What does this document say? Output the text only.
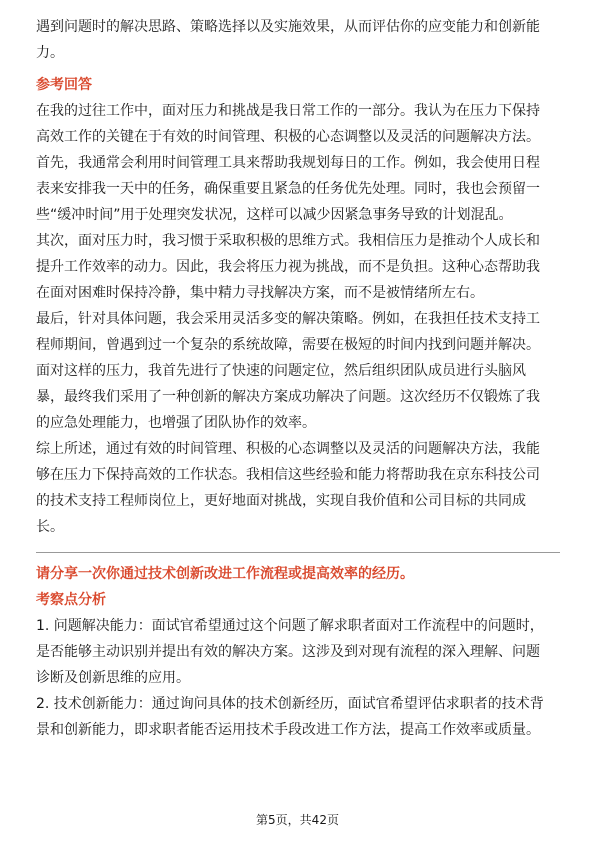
遇到问题时的解决思路、策略选择以及实施效果，从而评估你的应变能力和创新能
力。

参考回答

在我的过往工作中，面对压力和挑战是我日常工作的一部分。我认为在压力下保持
高效工作的关键在于有效的时间管理、积极的心态调整以及灵活的问题解决方法。

首先，我通常会利用时间管理工具来帮助我规划每日的工作。例如，我会使用日程
表来安排我一天中的任务，确保重要且紧急的任务优先处理。同时，我也会预留一
些“缓冲时间”用于处理突发状况，这样可以减少因紧急事务导致的计划混乱。

其次，面对压力时，我习惯于采取积极的思维方式。我相信压力是推动个人成长和
提升工作效率的动力。因此，我会将压力视为挑战，而不是负担。这种心态帮助我
在面对困难时保持冷静，集中精力寻找解决方案，而不是被情绪所左右。

最后，针对具体问题，我会采用灵活多变的解决策略。例如，在我担任技术支持工
程师期间，曾遇到过一个复杂的系统故障，需要在极短的时间内找到问题并解决。
面对这样的压力，我首先进行了快速的问题定位，然后组织团队成员进行头脑风
暴，最终我们采用了一种创新的解决方案成功解决了问题。这次经历不仅锻炼了我
的应急处理能力，也增强了团队协作的效率。

综上所述，通过有效的时间管理、积极的心态调整以及灵活的问题解决方法，我能
够在压力下保持高效的工作状态。我相信这些经验和能力将帮助我在京东科技公司
的技术支持工程师岗位上，更好地面对挑战，实现自我价值和公司目标的共同成
长。

请分享一次你通过技术创新改进工作流程或提高效率的经历。

考察点分析

1. 问题解决能力：面试官希望通过这个问题了解求职者面对工作流程中的问题时，
是否能够主动识别并提出有效的解决方案。这涉及到对现有流程的深入理解、问题
诊断及创新思维的应用。

2. 技术创新能力：通过询问具体的技术创新经历，面试官希望评估求职者的技术背
景和创新能力，即求职者能否运用技术手段改进工作方法，提高工作效率或质量。

第5页，共42页
